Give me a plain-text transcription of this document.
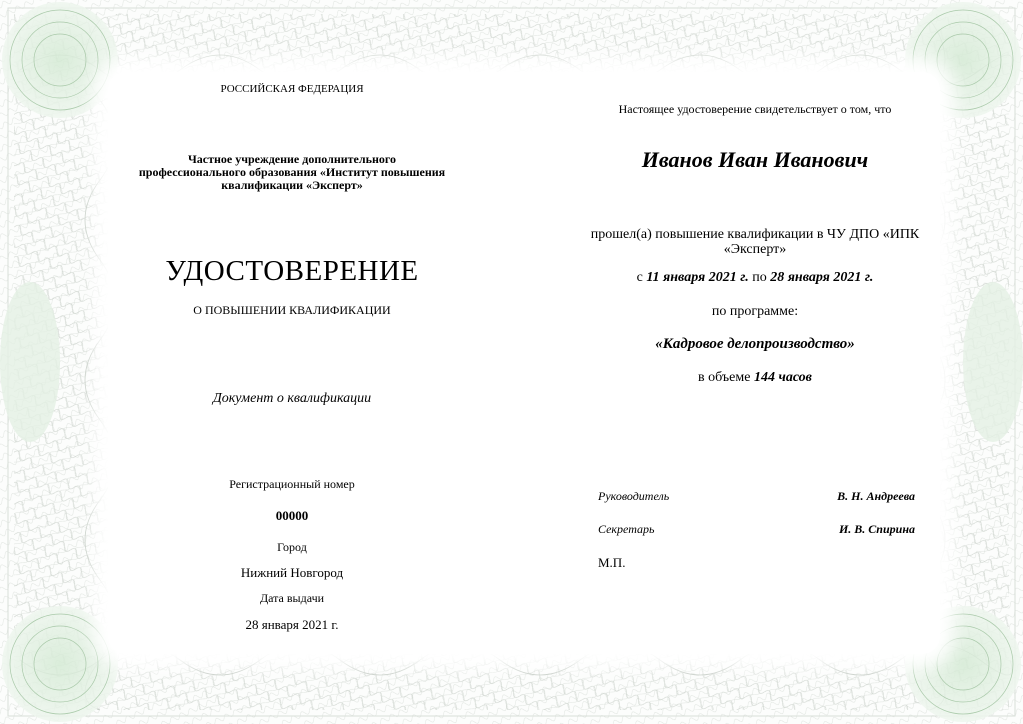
РОССИЙСКАЯ ФЕДЕРАЦИЯ
Частное учреждение дополнительного
профессионального образования «Институт повышения
квалификации «Эксперт»
УДОСТОВЕРЕНИЕ
О ПОВЫШЕНИИ КВАЛИФИКАЦИИ
Документ о квалификации
Регистрационный номер
00000
Город
Нижний Новгород
Дата выдачи
28 января 2021 г.
Настоящее удостоверение свидетельствует о том, что
Иванов Иван Иванович
прошел(а) повышение квалификации в ЧУ ДПО «ИПК
«Эксперт»
с 11 января 2021 г. по 28 января 2021 г.
по программе:
«Кадровое делопроизводство»
в объеме 144 часов
Руководитель	В. Н. Андреева
Секретарь	И. В. Спирина
М.П.
